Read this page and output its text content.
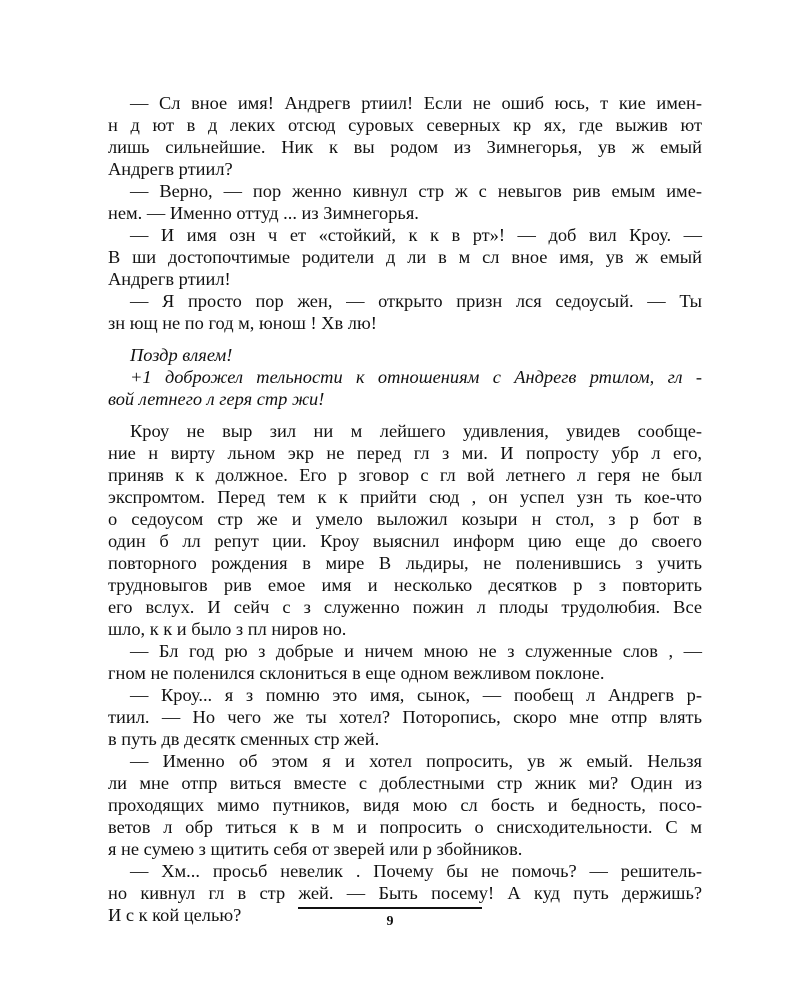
— Сл вное имя! Андрегв ртиил! Если не ошиб юсь, т кие имен-
н д ют в д леких отсюд суровых северных кр ях, где выжив ют
лишь сильнейшие. Ник к вы родом из Зимнегорья, ув ж емый
Андрегв ртиил?
— Верно, — пор женно кивнул стр ж с невыгов рив емым име-
нем. — Именно оттуд ... из Зимнегорья.
— И имя озн ч ет «стойкий, к к в рт»! — доб вил Кроу. —
В ши достопочтимые родители д ли в м сл вное имя, ув ж емый
Андрегв ртиил!
— Я просто пор жен, — открыто призн лся седоусый. — Ты
зн ющ не по год м, юнош ! Хв лю!
Поздр вляем!
+1 доброжел тельности к отношениям с Андрегв ртилом, гл -
вой летнего л геря стр жи!
Кроу не выр зил ни м лейшего удивления, увидев сообще-
ние н вирту льном экр не перед гл з ми. И попросту убр л его,
приняв к к должное. Его р зговор с гл вой летнего л геря не был
экспромтом. Перед тем к к прийти сюд , он успел узн ть кое-что
о седоусом стр же и умело выложил козыри н стол, з р бот в
один б лл репут ции. Кроу выяснил информ цию еще до своего
повторного рождения в мире В льдиры, не поленившись з учить
трудновыгов рив емое имя и несколько десятков р з повторить
его вслух. И сейч с з служенно пожин л плоды трудолюбия. Все
шло, к к и было з пл ниров но.
— Бл год рю з добрые и ничем мною не з служенные слов , —
гном не поленился склониться в еще одном вежливом поклоне.
— Кроу... я з помню это имя, сынок, — пообещ л Андрегв р-
тиил. — Но чего же ты хотел? Поторопись, скоро мне отпр влять
в путь дв десятк сменных стр жей.
— Именно об этом я и хотел попросить, ув ж емый. Нельзя
ли мне отпр виться вместе с доблестными стр жник ми? Один из
проходящих мимо путников, видя мою сл бость и бедность, посо-
ветов л обр титься к в м и попросить о снисходительности. С м
я не сумею з щитить себя от зверей или р збойников.
— Хм... просьб невелик . Почему бы не помочь? — решитель-
но кивнул гл в стр жей. — Быть посему! А куд путь держишь?
И с к кой целью?	9
